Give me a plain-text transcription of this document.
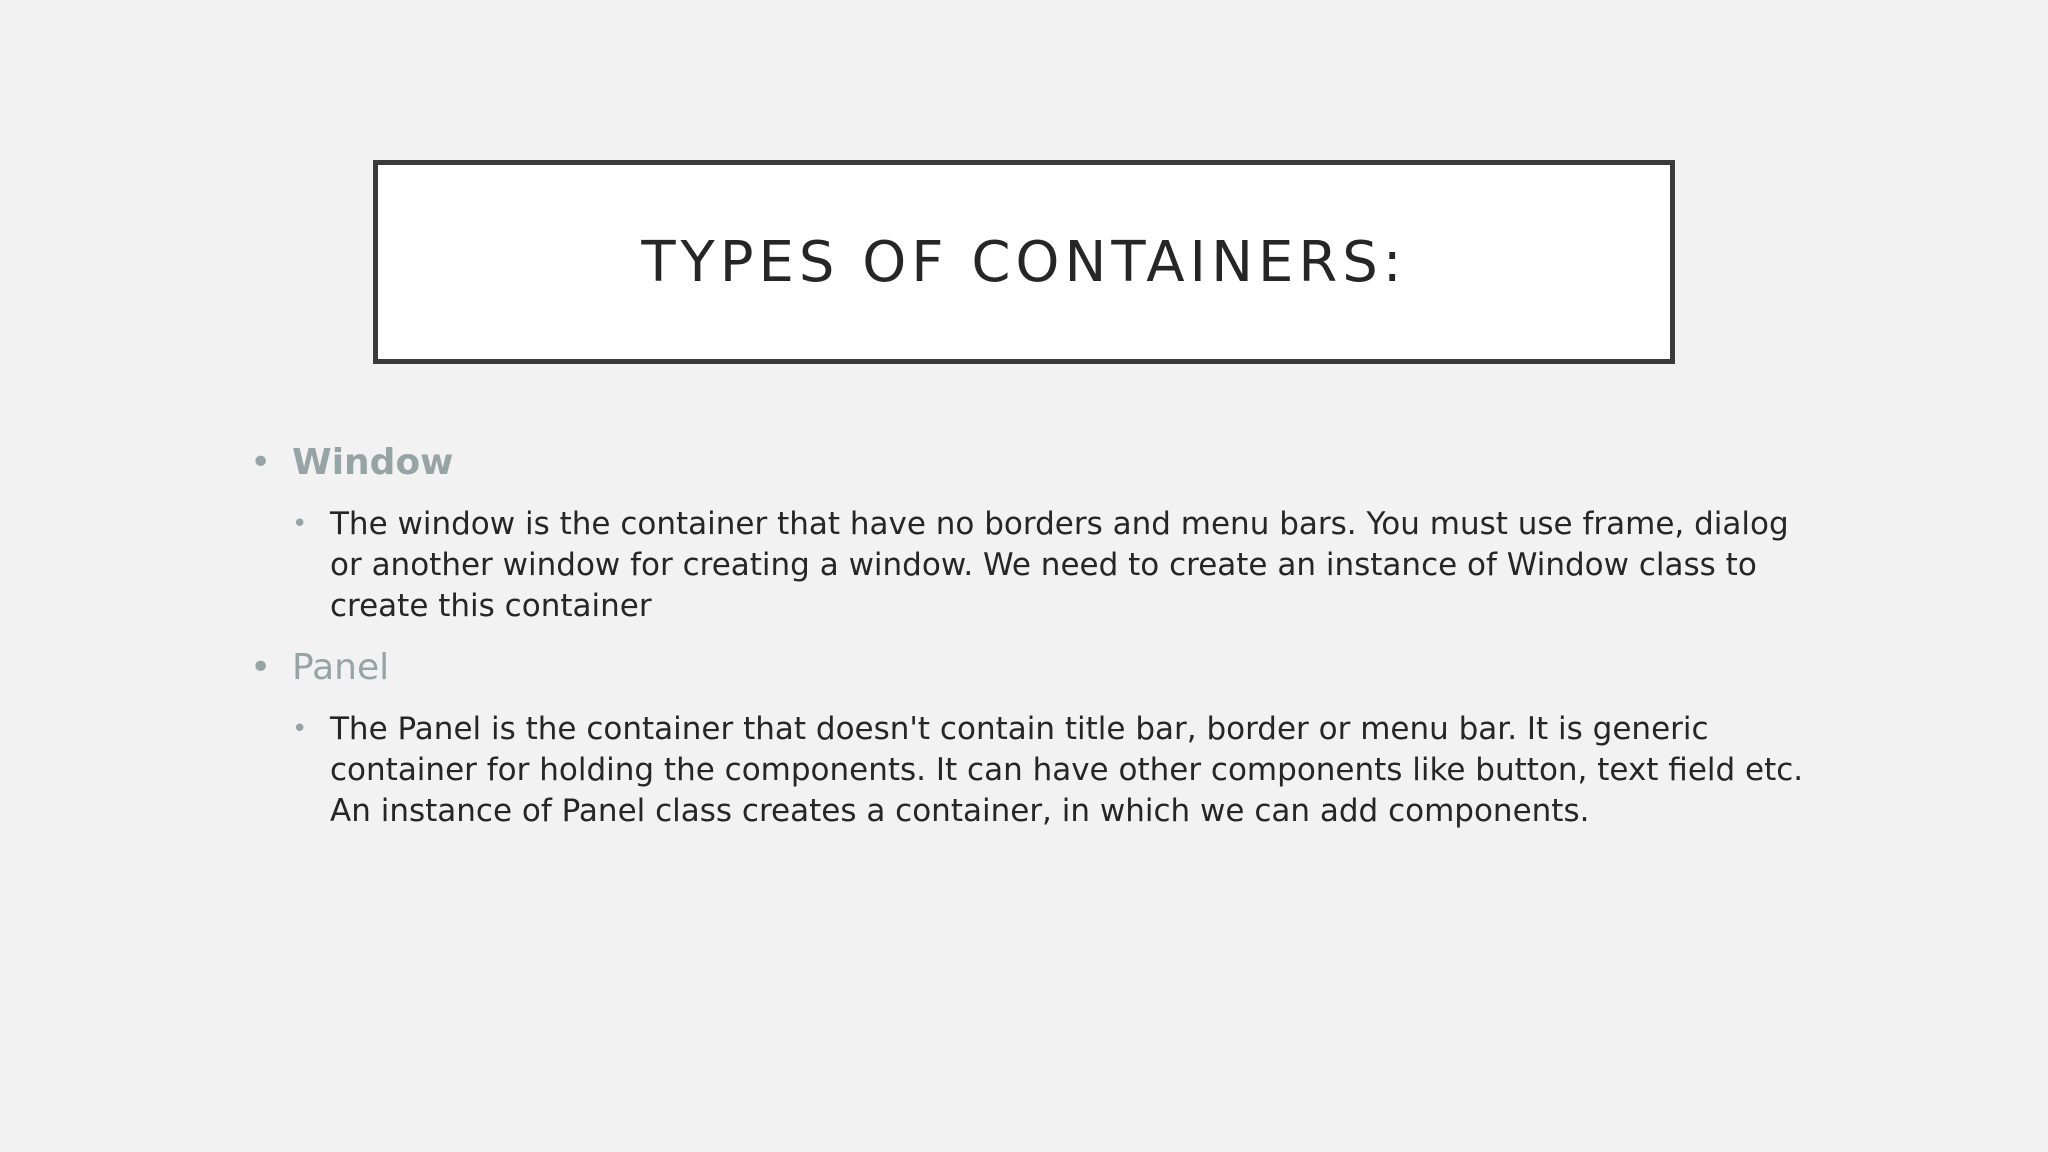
TYPES OF CONTAINERS:
• Window
• The window is the container that have no borders and menu bars. You must use frame, dialog or another window for creating a window. We need to create an instance of Window class to create this container
• Panel
• The Panel is the container that doesn't contain title bar, border or menu bar. It is generic container for holding the components. It can have other components like button, text field etc. An instance of Panel class creates a container, in which we can add components.
